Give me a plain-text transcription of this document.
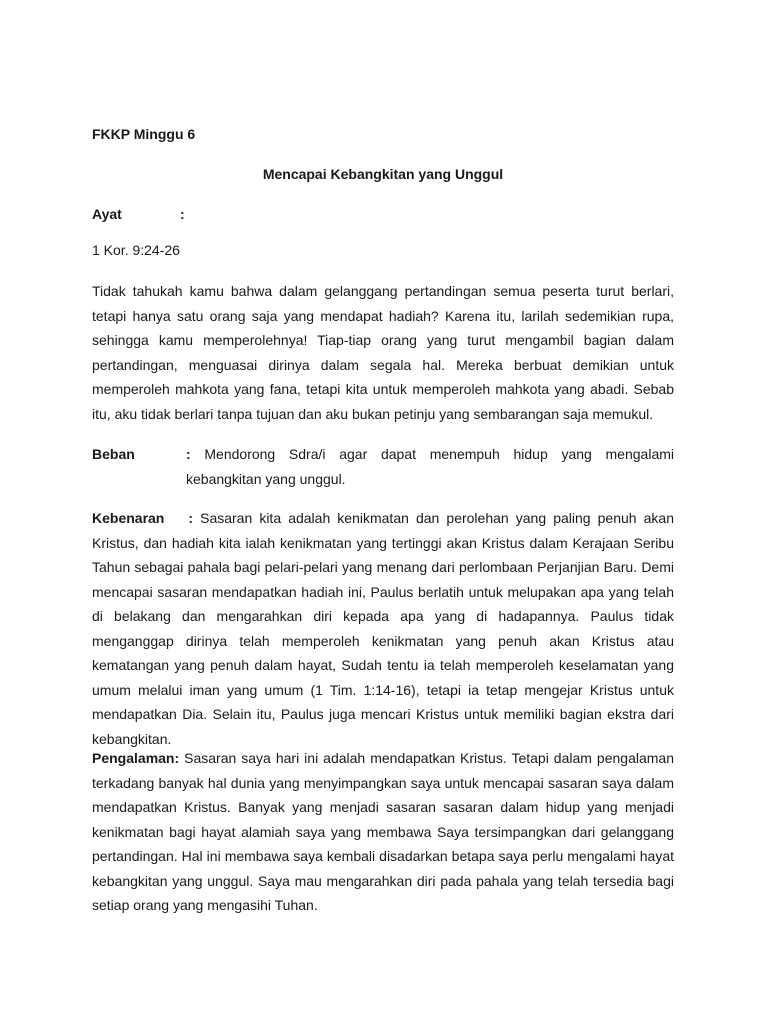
FKKP Minggu 6
Mencapai Kebangkitan yang Unggul
Ayat	:
1 Kor. 9:24-26
Tidak tahukah kamu bahwa dalam gelanggang pertandingan semua peserta turut berlari, tetapi hanya satu orang saja yang mendapat hadiah? Karena itu, larilah sedemikian rupa, sehingga kamu memperolehnya! Tiap-tiap orang yang turut mengambil bagian dalam pertandingan, menguasai dirinya dalam segala hal. Mereka berbuat demikian untuk memperoleh mahkota yang fana, tetapi kita untuk memperoleh mahkota yang abadi. Sebab itu, aku tidak berlari tanpa tujuan dan aku bukan petinju yang sembarangan saja memukul.
Beban	: Mendorong Sdra/i agar dapat menempuh hidup yang mengalami kebangkitan yang unggul.
Kebenaran : Sasaran kita adalah kenikmatan dan perolehan yang paling penuh akan Kristus, dan hadiah kita ialah kenikmatan yang tertinggi akan Kristus dalam Kerajaan Seribu Tahun sebagai pahala bagi pelari-pelari yang menang dari perlombaan Perjanjian Baru. Demi mencapai sasaran mendapatkan hadiah ini, Paulus berlatih untuk melupakan apa yang telah di belakang dan mengarahkan diri kepada apa yang di hadapannya. Paulus tidak menganggap dirinya telah memperoleh kenikmatan yang penuh akan Kristus atau kematangan yang penuh dalam hayat, Sudah tentu ia telah memperoleh keselamatan yang umum melalui iman yang umum (1 Tim. 1:14-16), tetapi ia tetap mengejar Kristus untuk mendapatkan Dia. Selain itu, Paulus juga mencari Kristus untuk memiliki bagian ekstra dari kebangkitan.
Pengalaman: Sasaran saya hari ini adalah mendapatkan Kristus. Tetapi dalam pengalaman terkadang banyak hal dunia yang menyimpangkan saya untuk mencapai sasaran saya dalam mendapatkan Kristus. Banyak yang menjadi sasaran sasaran dalam hidup yang menjadi kenikmatan bagi hayat alamiah saya yang membawa Saya tersimpangkan dari gelanggang pertandingan. Hal ini membawa saya kembali disadarkan betapa saya perlu mengalami hayat kebangkitan yang unggul. Saya mau mengarahkan diri pada pahala yang telah tersedia bagi setiap orang yang mengasihi Tuhan.
